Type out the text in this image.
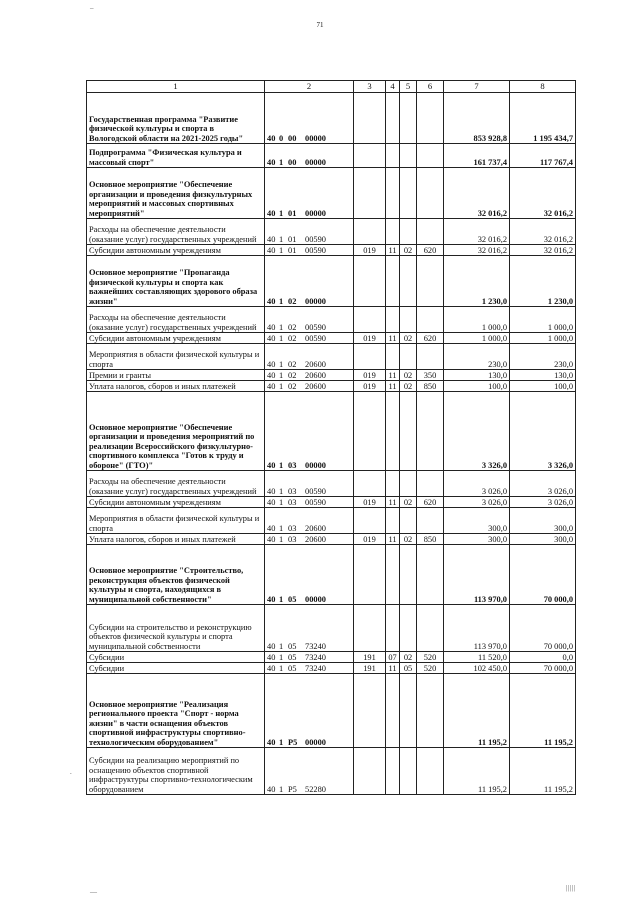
71
1	2	3	4	5	6	7	8
Государственная программа "Развитие физической культуры и спорта в Вологодской области на 2021-2025 годы"	40 0 00 00000					853 928,8	1 195 434,7
Подпрограмма "Физическая культура и массовый спорт"	40 1 00 00000					161 737,4	117 767,4
Основное мероприятие "Обеспечение организации и проведения физкультурных мероприятий и массовых спортивных мероприятий"	40 1 01 00000					32 016,2	32 016,2
Расходы на обеспечение деятельности (оказание услуг) государственных учреждений	40 1 01 00590					32 016,2	32 016,2
Субсидии автономным учреждениям	40 1 01 00590	019	11	02	620	32 016,2	32 016,2
Основное мероприятие "Пропаганда физической культуры и спорта как важнейших составляющих здорового образа жизни"	40 1 02 00000					1 230,0	1 230,0
Расходы на обеспечение деятельности (оказание услуг) государственных учреждений	40 1 02 00590					1 000,0	1 000,0
Субсидии автономным учреждениям	40 1 02 00590	019	11	02	620	1 000,0	1 000,0
Мероприятия в области физической культуры и спорта	40 1 02 20600					230,0	230,0
Премии и гранты	40 1 02 20600	019	11	02	350	130,0	130,0
Уплата налогов, сборов и иных платежей	40 1 02 20600	019	11	02	850	100,0	100,0
Основное мероприятие "Обеспечение организации и проведения мероприятий по реализации Всероссийского физкультурно-спортивного комплекса "Готов к труду и обороне" (ГТО)"	40 1 03 00000					3 326,0	3 326,0
Расходы на обеспечение деятельности (оказание услуг) государственных учреждений	40 1 03 00590					3 026,0	3 026,0
Субсидии автономным учреждениям	40 1 03 00590	019	11	02	620	3 026,0	3 026,0
Мероприятия в области физической культуры и спорта	40 1 03 20600					300,0	300,0
Уплата налогов, сборов и иных платежей	40 1 03 20600	019	11	02	850	300,0	300,0
Основное мероприятие "Строительство, реконструкция объектов физической культуры и спорта, находящихся в муниципальной собственности"	40 1 05 00000					113 970,0	70 000,0
Субсидии на строительство и реконструкцию объектов физической культуры и спорта муниципальной собственности	40 1 05 73240					113 970,0	70 000,0
Субсидии	40 1 05 73240	191	07	02	520	11 520,0	0,0
Субсидии	40 1 05 73240	191	11	05	520	102 450,0	70 000,0
Основное мероприятие "Реализация регионального проекта "Спорт - норма жизни" в части оснащения объектов спортивной инфраструктуры спортивно-технологическим оборудованием"	40 1 P5 00000					11 195,2	11 195,2
Субсидии на реализацию мероприятий по оснащению объектов спортивной инфраструктуры спортивно-технологическим оборудованием	40 1 P5 52280					11 195,2	11 195,2
–
.
—	|||||
